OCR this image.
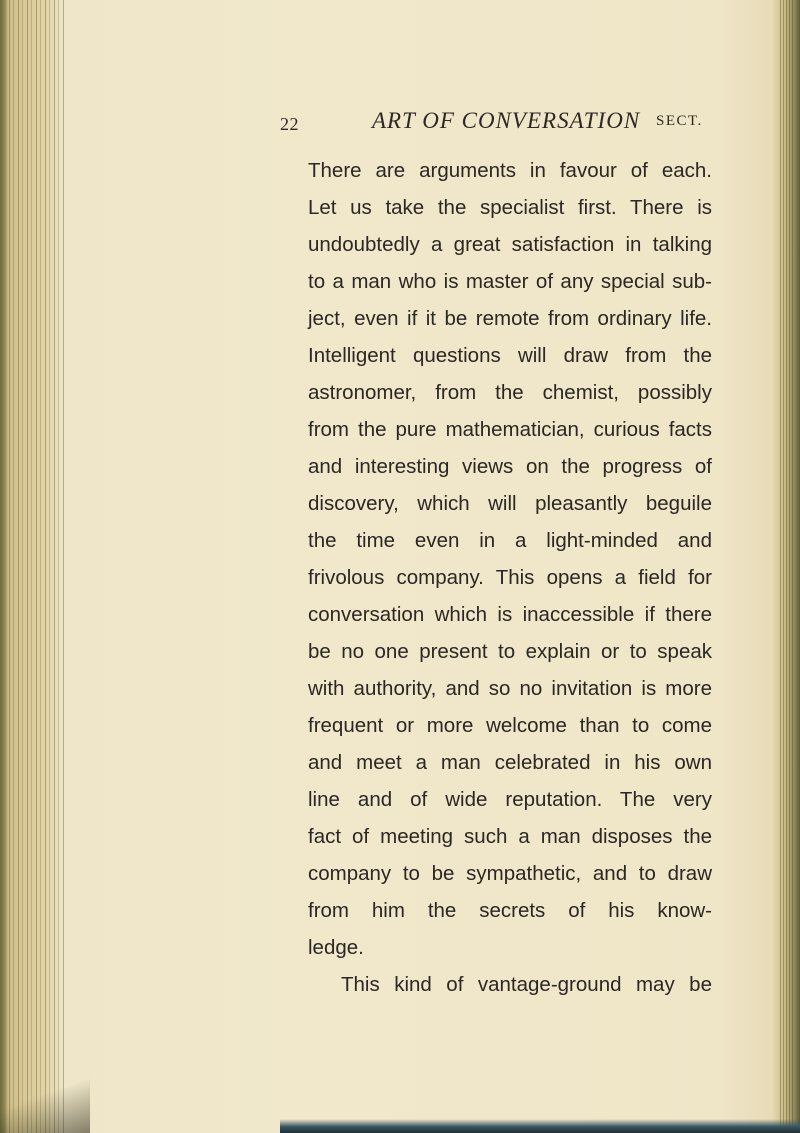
22	ART OF CONVERSATION SECT.
There are arguments in favour of each.
Let us take the specialist first. There is
undoubtedly a great satisfaction in talking
to a man who is master of any special sub-
ject, even if it be remote from ordinary life.
Intelligent questions will draw from the
astronomer, from the chemist, possibly
from the pure mathematician, curious facts
and interesting views on the progress of
discovery, which will pleasantly beguile
the time even in a light-minded and
frivolous company. This opens a field for
conversation which is inaccessible if there
be no one present to explain or to speak
with authority, and so no invitation is more
frequent or more welcome than to come
and meet a man celebrated in his own
line and of wide reputation. The very
fact of meeting such a man disposes the
company to be sympathetic, and to draw
from him the secrets of his know-
ledge.
This kind of vantage-ground may be
